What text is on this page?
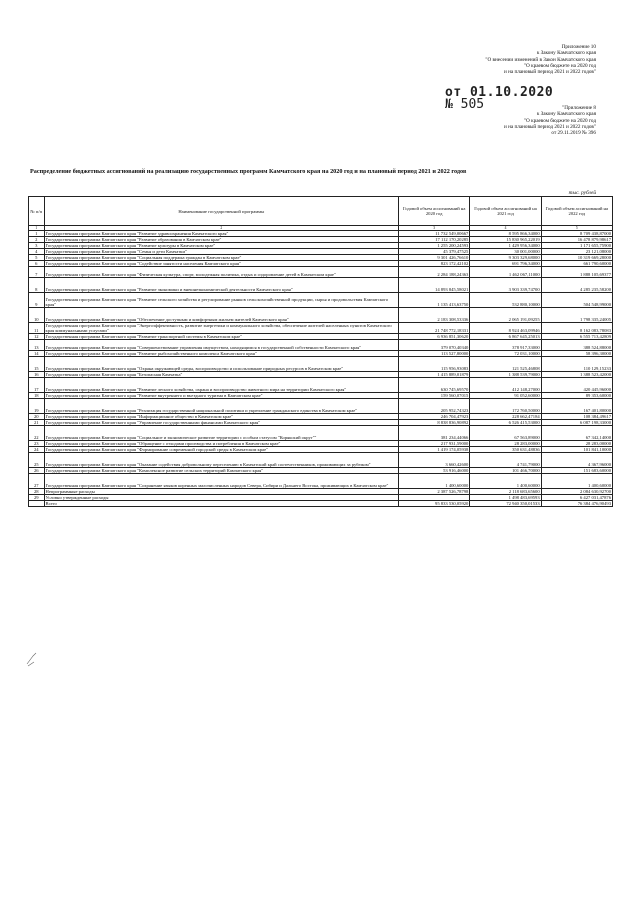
Приложение 10
к Закону Камчатского края
"О внесении изменений в Закон Камчатского края
"О краевом бюджете на 2020 год
и на плановый период 2021 и 2022 годов"
от 01.10.2020
№ 505	"Приложение 8
к Закону Камчатского края
"О краевом бюджете на 2020 год
и на плановый период 2021 и 2022 годов"
от 29.11.2019 № 396
Распределение бюджетных ассигнований на реализацию государственных программ Камчатского края на 2020 год и на плановый период 2021 и 2022 годов
тыс. рублей
№ п/п	Наименование государственной программы	Годовой объем ассигнований на 2020 год	Годовой объем ассигнований на 2021 год	Годовой объем ассигнований на 2022 год
1	2	3	4	5
1	Государственная программа Камчатского края "Развитие здравоохранения Камчатского края"	11 732 549,00667	8 595 866,34000	8 709 438,87000
2	Государственная программа Камчатского края "Развитие образования в Камчатском крае"	17 112 170,20285	15 830 965,22019	16 478 879,98617
3	Государственная программа Камчатского края "Развитие культуры в Камчатском крае"	1 255 200,24593	1 429 956,34000	1 171 655,75900
4	Государственная программа Камчатского края "Семья и дети Камчатки"	45 379,47525	30 001,00000	23 121,08000
5	Государственная программа Камчатского края "Социальная поддержка граждан в Камчатском крае"	9 301 426,76610	9 303 329,68000	10 319 669,28000
6	Государственная программа Камчатского края "Содействие занятости населения Камчатского края"	823 172,42102	691 796,34000	661 790,60000
7	Государственная программа Камчатского края "Физическая культура, спорт, молодежная политика, отдых и оздоровление детей в Камчатском крае"	2 284 188,24363	1 462 067,11000	1 888 105,69377
8	Государственная программа Камчатского края "Развитие экономики и внешнеэкономической деятельности Камчатского края"	14 893 845,58021	3 903 339,74700	4 285 235,58200
9	Государственная программа Камчатского края "Развитие сельского хозяйства и регулирование рынков сельскохозяйственной продукции, сырья и продовольствия Камчатского края"	1 135 413,63750	532 880,10000	504 548,99000
10	Государственная программа Камчатского края "Обеспечение доступным и комфортным жильем жителей Камчатского края"	2 183 308,53336	2 065 191,09255	1 798 335,24005
11	Государственная программа Камчатского края "Энергоэффективность, развитие энергетики и коммунального хозяйства, обеспечение жителей населенных пунктов Камчатского края коммунальными услугами"	21 748 772,18331	8 924 463,09946	8 162 083,78083
12	Государственная программа Камчатского края "Развитие транспортной системы в Камчатском крае"	6 936 851,30620	6 867 645,25013	6 555 713,42809
13	Государственная программа Камчатского края "Совершенствование управления имуществом, находящимся в государственной собственности Камчатского края"	379 070,40340	378 917,33000	388 524,88000
14	Государственная программа Камчатского края "Развитие рыбохозяйственного комплекса Камчатского края"	113 527,80000	72 031,10000	58 396,30000
15	Государственная программа Камчатского края "Охрана окружающей среды, воспроизводство и использование природных ресурсов в Камчатском крае"	115 956,93083	121 525,46808	110 129,15233
16	Государственная программа Камчатского края "Безопасная Камчатка"	1 415 889,01879	1 388 539,79000	1 388 523,42000
17	Государственная программа Камчатского края "Развитие лесного хозяйства, охрана и воспроизводство животного мира на территории Камчатского края"	630 745,69570	412 148,27000	420 445,96000
18	Государственная программа Камчатского края "Развитие внутреннего и въездного туризма в Камчатском крае"	159 560,07015	91 052,60000	89 353,60000
19	Государственная программа Камчатского края "Реализация государственной национальной политики и укрепление гражданского единства в Камчатском крае"	205 952,74323	172 760,50000	167 401,80000
20	Государственная программа Камчатского края "Информационное общество в Камчатском крае"	246 704,47923	228 662,47184	108 384,49617
21	Государственная программа Камчатского края "Управление государственными финансами Камчатского края"	8 838 836,90892	6 526 415,53000	6 087 198,33000
22	Государственная программа Камчатского края "Социальное и экономическое развитие территории с особым статусом "Корякский округ""	381 234,44066	67 563,89000	67 342,14000
23	Государственная программа Камчатского края "Обращение с отходами производства и потребления в Камчатском крае"	217 931,59000	28 283,00000	28 283,00000
24	Государственная программа Камчатского края "Формирование современной городской среды в Камчатском крае"	1 419 174,05938	350 631,48836	101 841,10000
25	Государственная программа Камчатского края "Оказание содействия добровольному переселению в Камчатский край соотечественников, проживающих за рубежом"	3 660,42600	4 741,79000	4 367,96000
26	Государственная программа Камчатского края "Комплексное развитие сельских территорий Камчатского края"	53 916,46000	101 466,70000	151 683,60000
27	Государственная программа Камчатского края "Сохранение языков коренных малочисленных народов Севера, Сибири и Дальнего Востока, проживающих в Камчатском крае"	1 400,60000	1 400,60000	1 400,60000
28	Непрограммные расходы	2 387 526,78798	2 118 683,65600	2 084 630,92700
29	Условно утвержденные расходы		1 498 483,69593	6 427 031,47876
	Всего	95 833 530,05920	72 940 350,01533	76 384 476,90493
